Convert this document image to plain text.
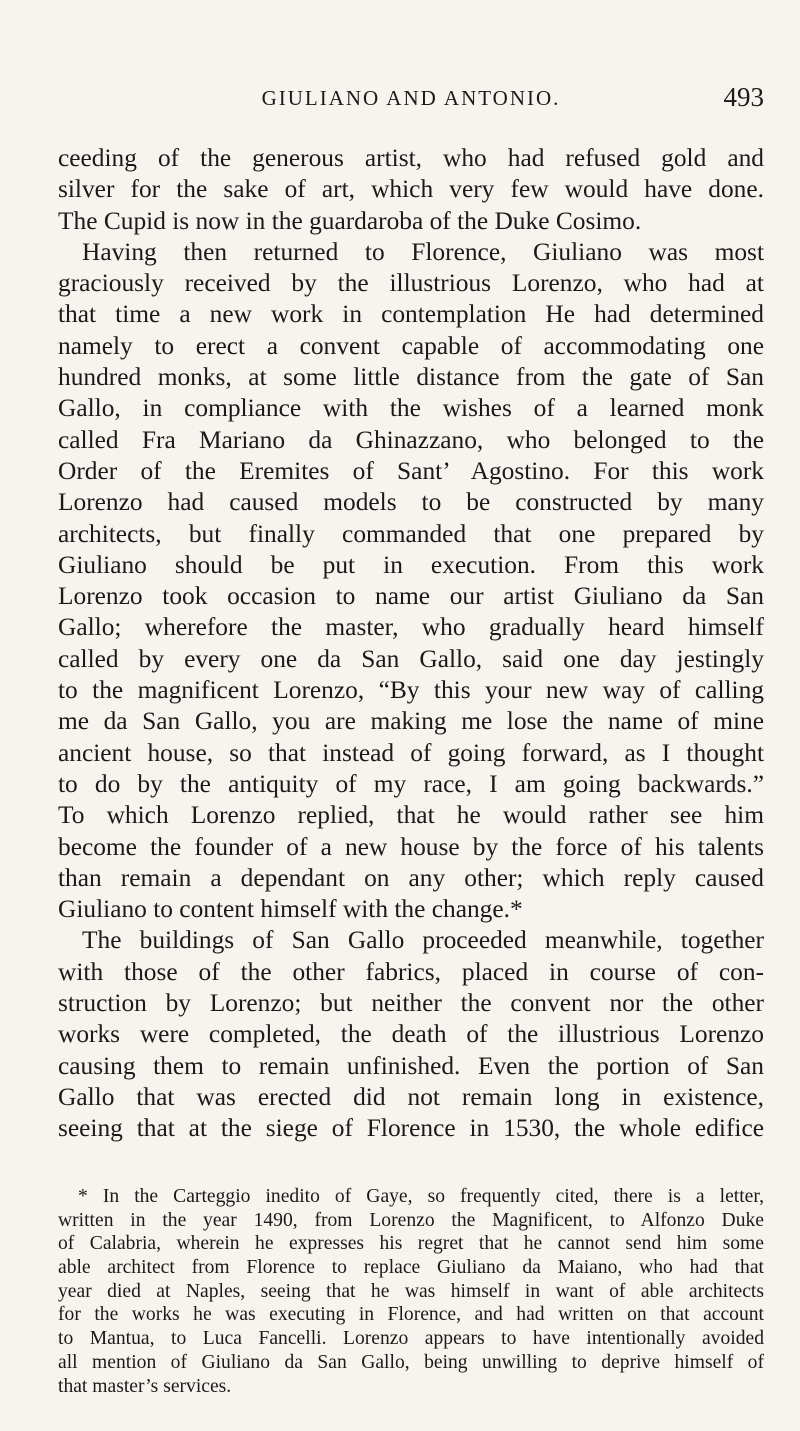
GIULIANO AND ANTONIO.	493
ceeding of the generous artist, who had refused gold and
silver for the sake of art, which very few would have done.
The Cupid is now in the guardaroba of the Duke Cosimo.
Having then returned to Florence, Giuliano was most
graciously received by the illustrious Lorenzo, who had at
that time a new work in contemplation He had determined
namely to erect a convent capable of accommodating one
hundred monks, at some little distance from the gate of San
Gallo, in compliance with the wishes of a learned monk
called Fra Mariano da Ghinazzano, who belonged to the
Order of the Eremites of Sant’ Agostino. For this work
Lorenzo had caused models to be constructed by many
architects, but finally commanded that one prepared by
Giuliano should be put in execution. From this work
Lorenzo took occasion to name our artist Giuliano da San
Gallo; wherefore the master, who gradually heard himself
called by every one da San Gallo, said one day jestingly
to the magnificent Lorenzo, “By this your new way of calling
me da San Gallo, you are making me lose the name of mine
ancient house, so that instead of going forward, as I thought
to do by the antiquity of my race, I am going backwards.”
To which Lorenzo replied, that he would rather see him
become the founder of a new house by the force of his talents
than remain a dependant on any other; which reply caused
Giuliano to content himself with the change.*
The buildings of San Gallo proceeded meanwhile, together
with those of the other fabrics, placed in course of con-
struction by Lorenzo; but neither the convent nor the other
works were completed, the death of the illustrious Lorenzo
causing them to remain unfinished. Even the portion of San
Gallo that was erected did not remain long in existence,
seeing that at the siege of Florence in 1530, the whole edifice
* In the Carteggio inedito of Gaye, so frequently cited, there is a letter,
written in the year 1490, from Lorenzo the Magnificent, to Alfonzo Duke
of Calabria, wherein he expresses his regret that he cannot send him some
able architect from Florence to replace Giuliano da Maiano, who had that
year died at Naples, seeing that he was himself in want of able architects
for the works he was executing in Florence, and had written on that account
to Mantua, to Luca Fancelli. Lorenzo appears to have intentionally avoided
all mention of Giuliano da San Gallo, being unwilling to deprive himself of
that master’s services.
